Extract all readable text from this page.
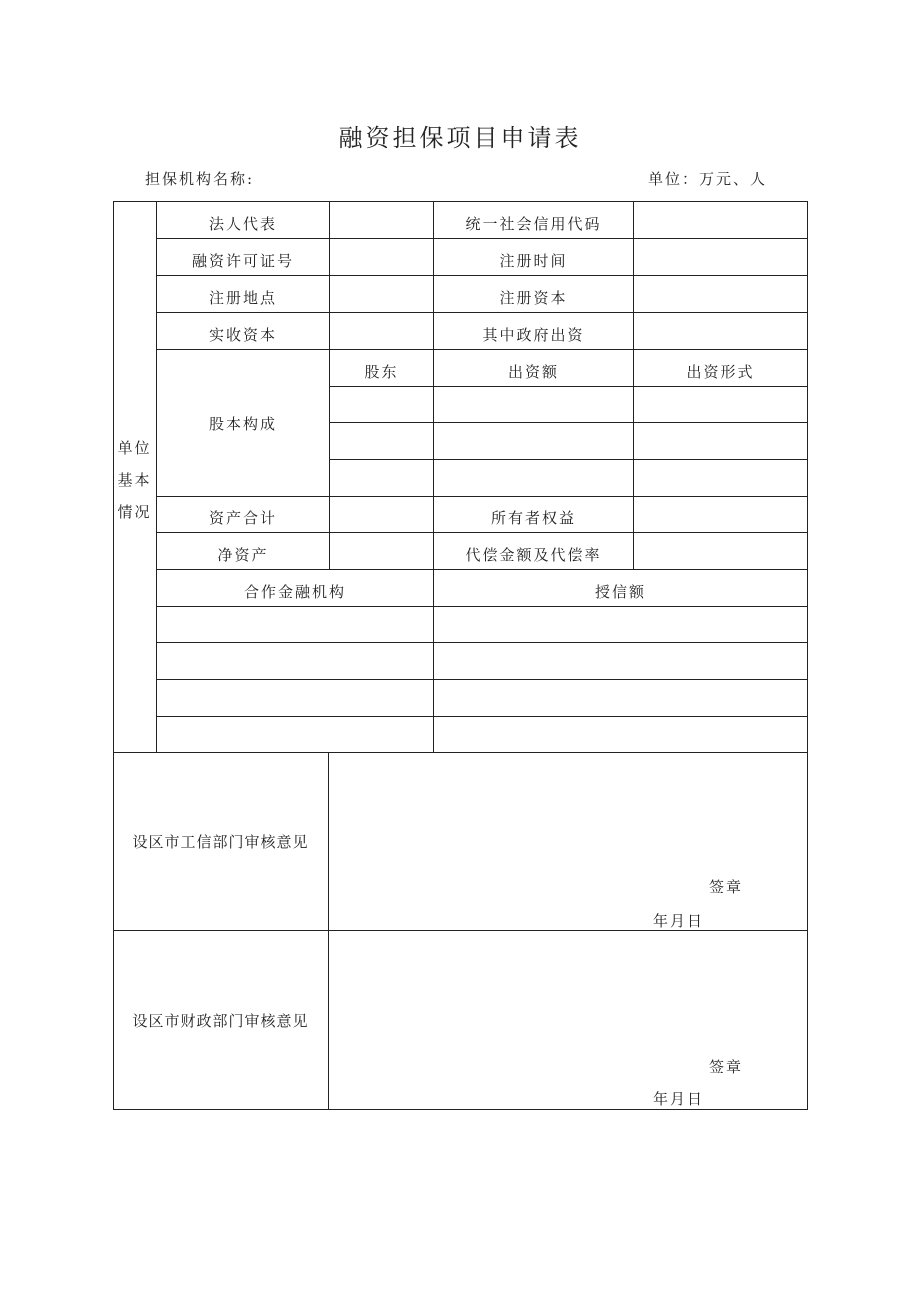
融资担保项目申请表
担保机构名称:	单位：万元、人
单位
基本
情况
法人代表	统一社会信用代码
融资许可证号	注册时间
注册地点	注册资本
实收资本	其中政府出资
股本构成
股东	出资额	出资形式
资产合计	所有者权益
净资产	代偿金额及代偿率
合作金融机构	授信额
设区市工信部门审核意见
签章
年月日
设区市财政部门审核意见
签章
年月日
